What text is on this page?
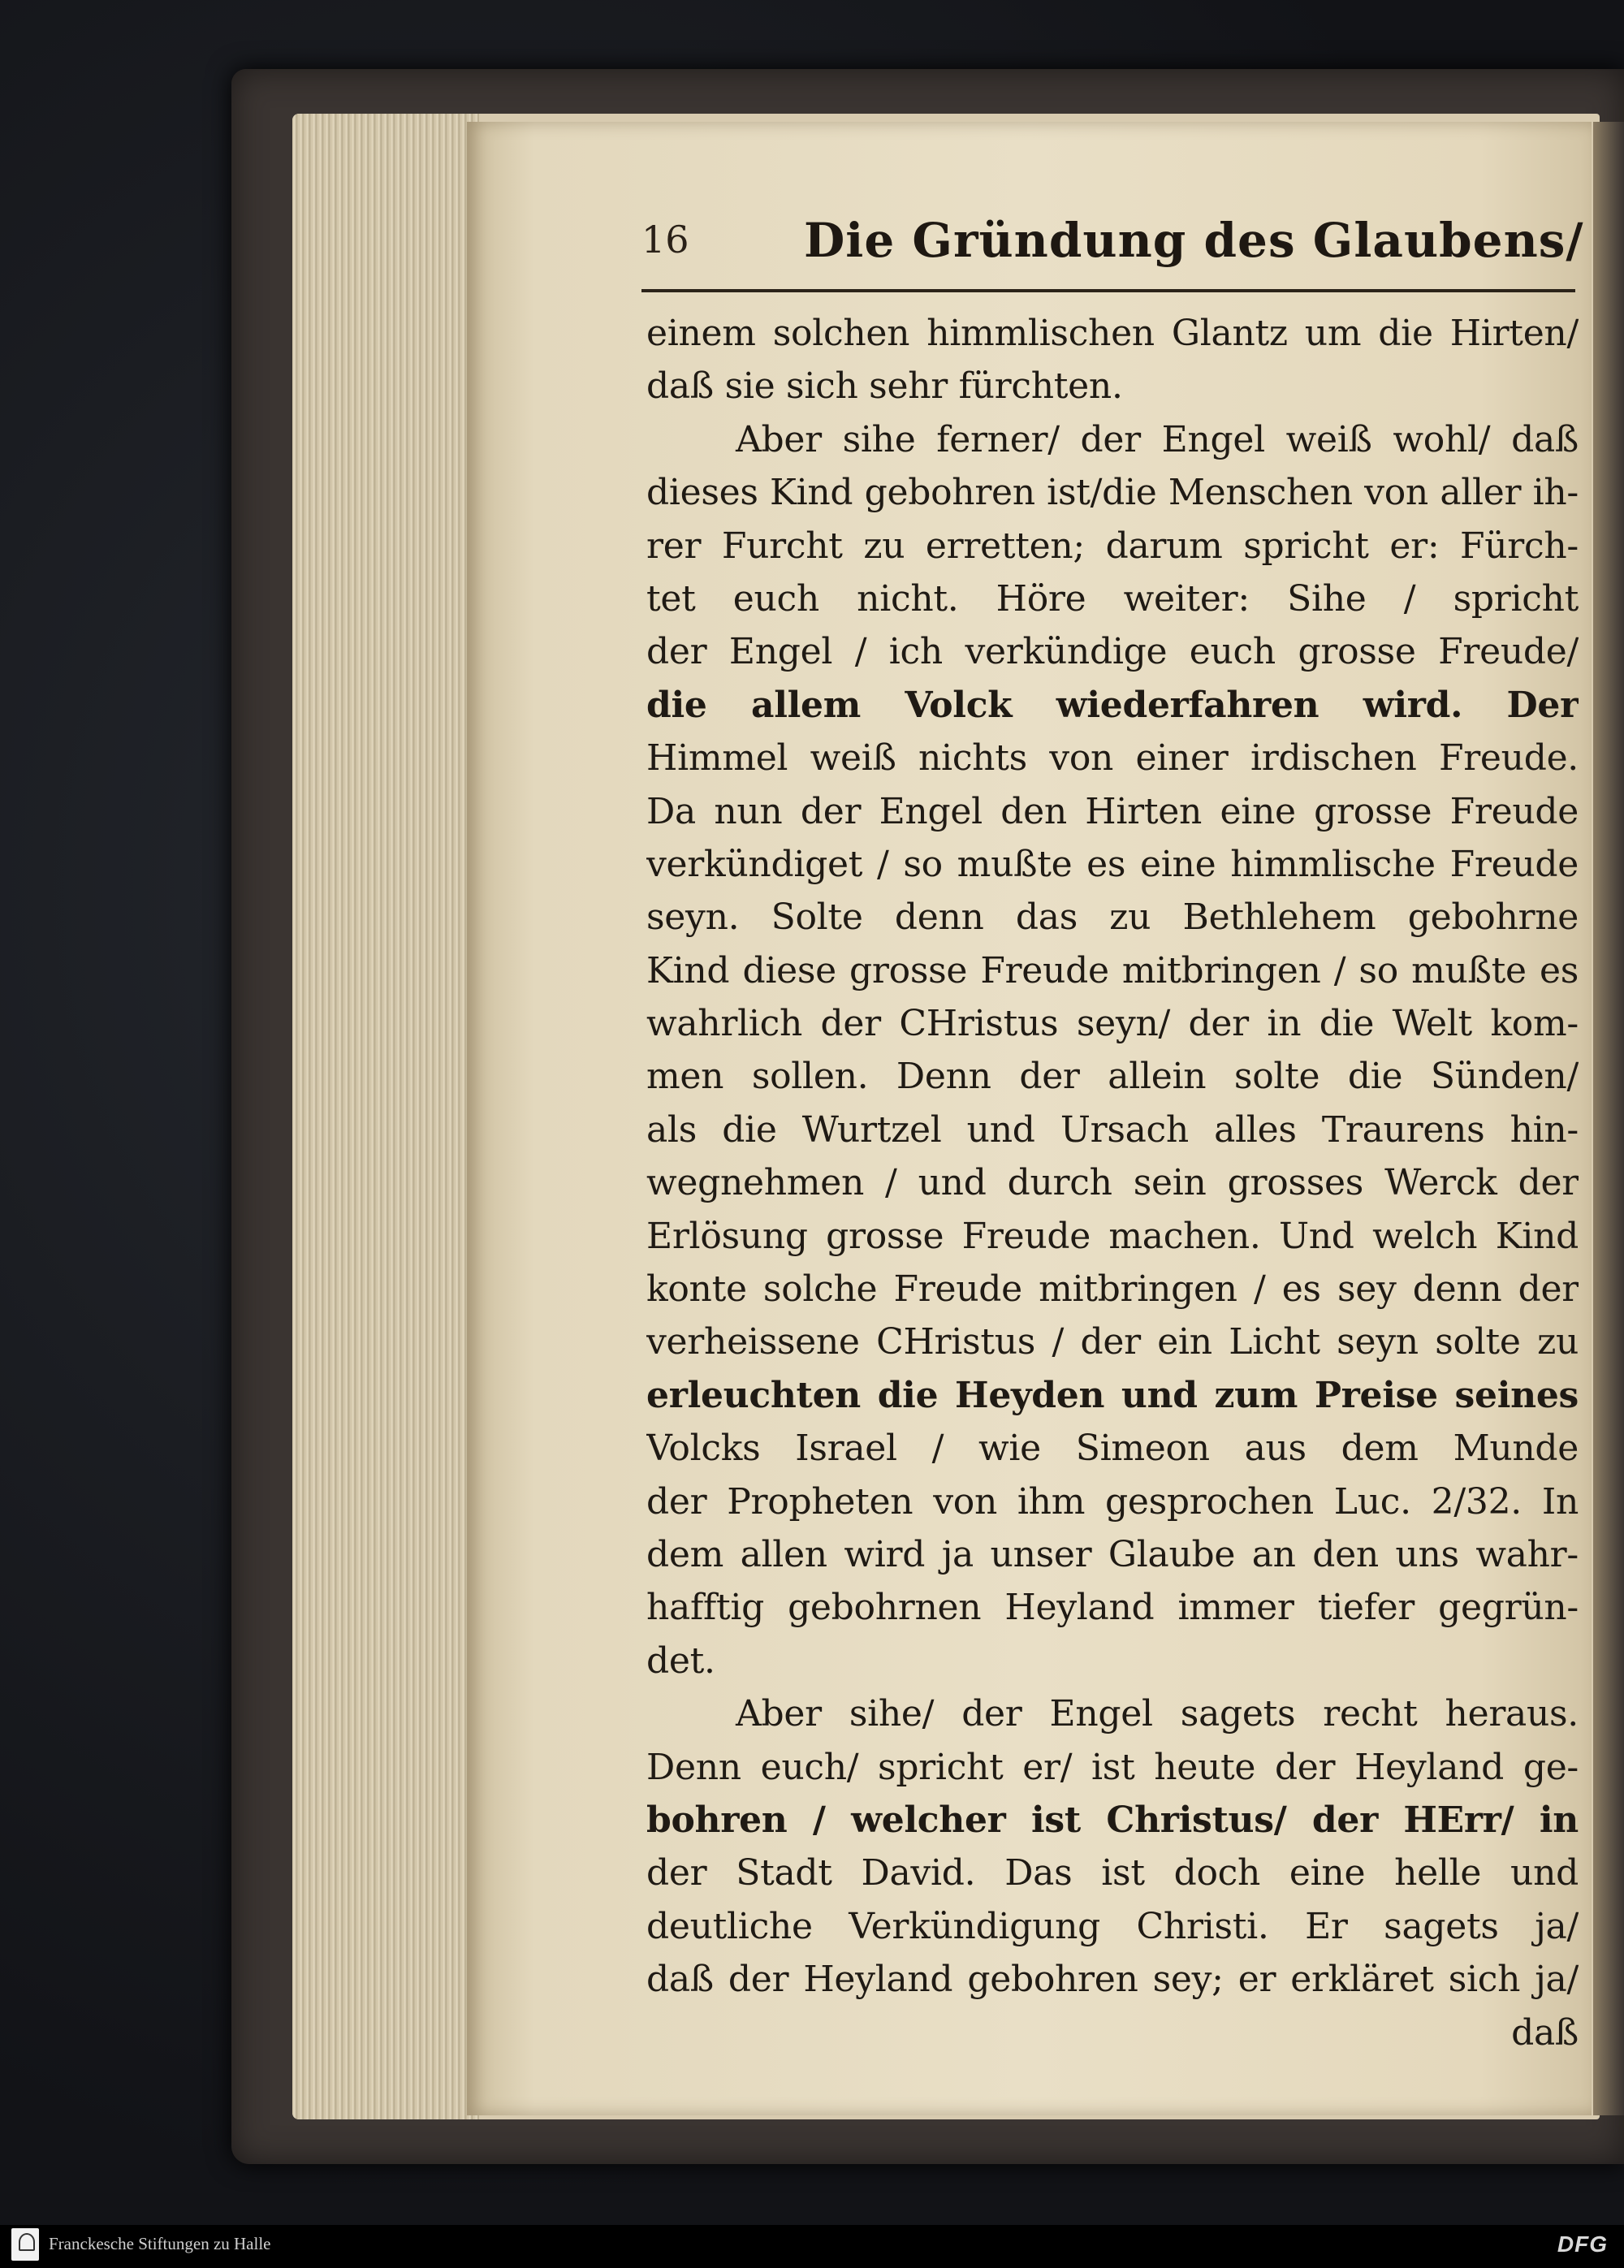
16 Die Gründung des Glaubens/
einem solchen himmlischen Glantz um die Hirten/
daß sie sich sehr fürchten.
Aber sihe ferner/ der Engel weiß wohl/ daß
dieses Kind gebohren ist/die Menschen von aller ih-
rer Furcht zu erretten; darum spricht er: Fürch-
tet euch nicht. Höre weiter: Sihe / spricht
der Engel / ich verkündige euch grosse Freude/
die allem Volck wiederfahren wird. Der
Himmel weiß nichts von einer irdischen Freude.
Da nun der Engel den Hirten eine grosse Freude
verkündiget / so mußte es eine himmlische Freude
seyn. Solte denn das zu Bethlehem gebohrne
Kind diese grosse Freude mitbringen / so mußte es
wahrlich der CHristus seyn/ der in die Welt kom-
men sollen. Denn der allein solte die Sünden/
als die Wurtzel und Ursach alles Traurens hin-
wegnehmen / und durch sein grosses Werck der
Erlösung grosse Freude machen. Und welch Kind
konte solche Freude mitbringen / es sey denn der
verheissene CHristus / der ein Licht seyn solte zu
erleuchten die Heyden und zum Preise seines
Volcks Israel / wie Simeon aus dem Munde
der Propheten von ihm gesprochen Luc. 2/32. In
dem allen wird ja unser Glaube an den uns wahr-
hafftig gebohrnen Heyland immer tiefer gegrün-
det.
Aber sihe/ der Engel sagets recht heraus.
Denn euch/ spricht er/ ist heute der Heyland ge-
bohren / welcher ist Christus/ der HErr/ in
der Stadt David. Das ist doch eine helle und
deutliche Verkündigung Christi. Er sagets ja/
daß der Heyland gebohren sey; er erkläret sich ja/
daß
Franckesche Stiftungen zu Halle	DFG
